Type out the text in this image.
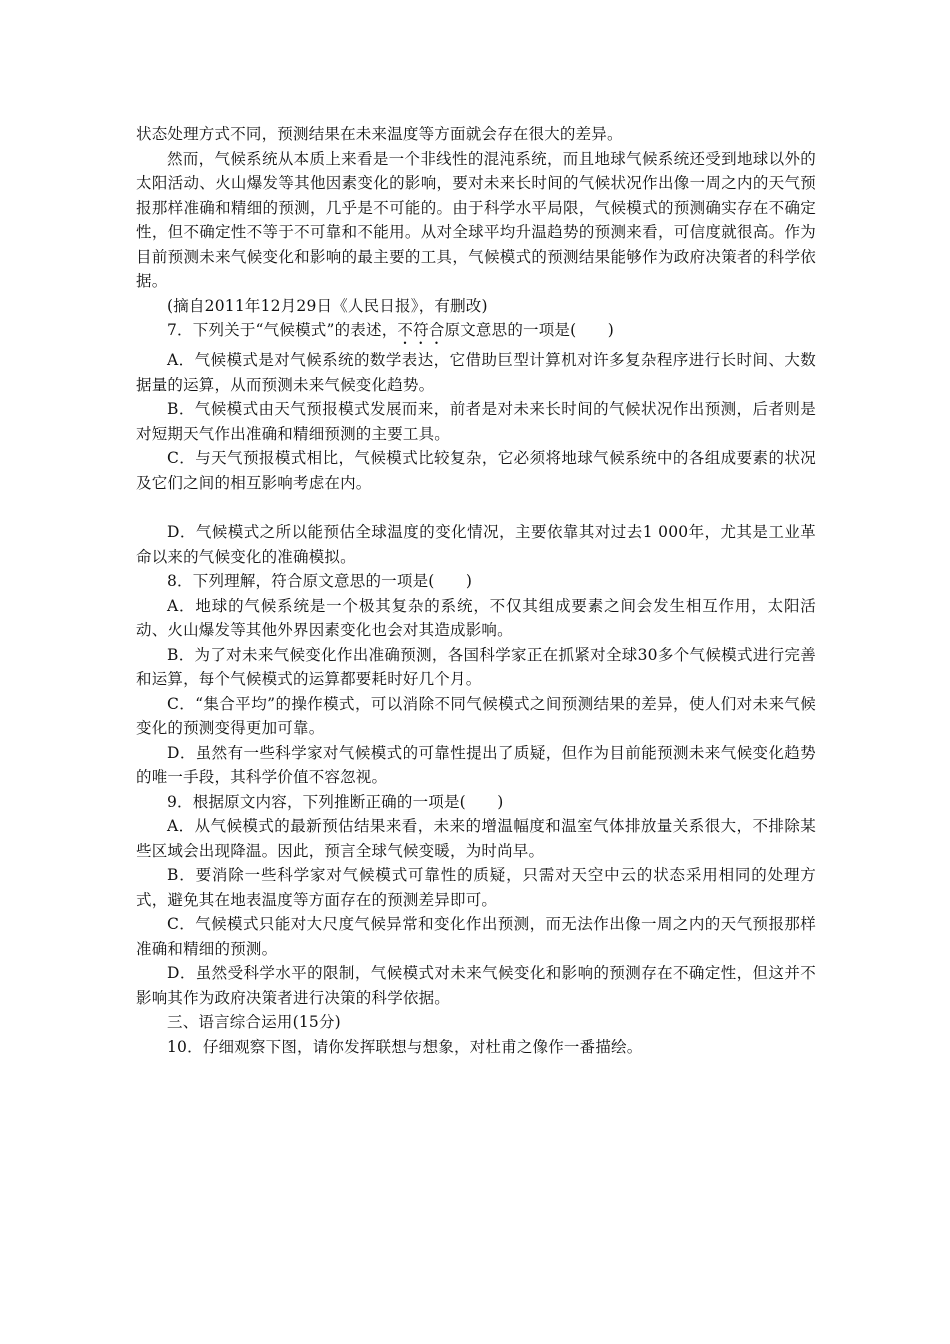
状态处理方式不同，预测结果在未来温度等方面就会存在很大的差异。

然而，气候系统从本质上来看是一个非线性的混沌系统，而且地球气候系统还受到地球以外的太阳活动、火山爆发等其他因素变化的影响，要对未来长时间的气候状况作出像一周之内的天气预报那样准确和精细的预测，几乎是不可能的。由于科学水平局限，气候模式的预测确实存在不确定性，但不确定性不等于不可靠和不能用。从对全球平均升温趋势的预测来看，可信度就很高。作为目前预测未来气候变化和影响的最主要的工具，气候模式的预测结果能够作为政府决策者的科学依据。

(摘自2011年12月29日《人民日报》，有删改)

7．下列关于“气候模式”的表述，不符合原文意思的一项是(　　)

A．气候模式是对气候系统的数学表达，它借助巨型计算机对许多复杂程序进行长时间、大数据量的运算，从而预测未来气候变化趋势。

B．气候模式由天气预报模式发展而来，前者是对未来长时间的气候状况作出预测，后者则是对短期天气作出准确和精细预测的主要工具。

C．与天气预报模式相比，气候模式比较复杂，它必须将地球气候系统中的各组成要素的状况及它们之间的相互影响考虑在内。

D．气候模式之所以能预估全球温度的变化情况，主要依靠其对过去1 000年，尤其是工业革命以来的气候变化的准确模拟。

8．下列理解，符合原文意思的一项是(　　)

A．地球的气候系统是一个极其复杂的系统，不仅其组成要素之间会发生相互作用，太阳活动、火山爆发等其他外界因素变化也会对其造成影响。

B．为了对未来气候变化作出准确预测，各国科学家正在抓紧对全球30多个气候模式进行完善和运算，每个气候模式的运算都要耗时好几个月。

C．“集合平均”的操作模式，可以消除不同气候模式之间预测结果的差异，使人们对未来气候变化的预测变得更加可靠。

D．虽然有一些科学家对气候模式的可靠性提出了质疑，但作为目前能预测未来气候变化趋势的唯一手段，其科学价值不容忽视。

9．根据原文内容，下列推断正确的一项是(　　)

A．从气候模式的最新预估结果来看，未来的增温幅度和温室气体排放量关系很大，不排除某些区域会出现降温。因此，预言全球气候变暖，为时尚早。

B．要消除一些科学家对气候模式可靠性的质疑，只需对天空中云的状态采用相同的处理方式，避免其在地表温度等方面存在的预测差异即可。

C．气候模式只能对大尺度气候异常和变化作出预测，而无法作出像一周之内的天气预报那样准确和精细的预测。

D．虽然受科学水平的限制，气候模式对未来气候变化和影响的预测存在不确定性，但这并不影响其作为政府决策者进行决策的科学依据。

三、语言综合运用(15分)

10．仔细观察下图，请你发挥联想与想象，对杜甫之像作一番描绘。
